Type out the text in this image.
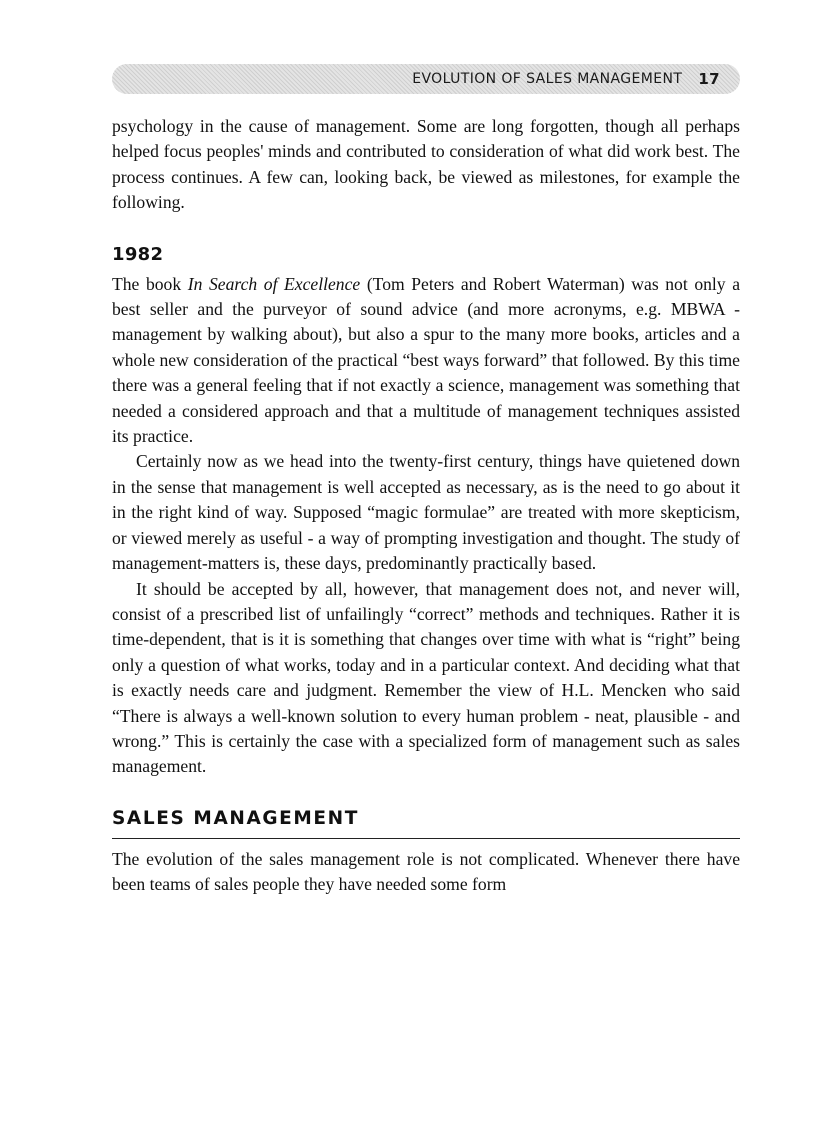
EVOLUTION OF SALES MANAGEMENT 17

psychology in the cause of management. Some are long forgotten, though all perhaps helped focus peoples' minds and contributed to consideration of what did work best. The process continues. A few can, looking back, be viewed as milestones, for example the following.

1982

The book In Search of Excellence (Tom Peters and Robert Waterman) was not only a best seller and the purveyor of sound advice (and more acronyms, e.g. MBWA - management by walking about), but also a spur to the many more books, articles and a whole new consideration of the practical “best ways forward” that followed. By this time there was a general feeling that if not exactly a science, management was something that needed a considered approach and that a multitude of management techniques assisted its practice.

Certainly now as we head into the twenty-first century, things have quietened down in the sense that management is well accepted as necessary, as is the need to go about it in the right kind of way. Supposed “magic formulae” are treated with more skepticism, or viewed merely as useful - a way of prompting investigation and thought. The study of management-matters is, these days, predominantly practically based.

It should be accepted by all, however, that management does not, and never will, consist of a prescribed list of unfailingly “correct” methods and techniques. Rather it is time-dependent, that is it is something that changes over time with what is “right” being only a question of what works, today and in a particular context. And deciding what that is exactly needs care and judgment. Remember the view of H.L. Mencken who said “There is always a well-known solution to every human problem - neat, plausible - and wrong.” This is certainly the case with a specialized form of management such as sales management.

SALES MANAGEMENT

The evolution of the sales management role is not complicated. Whenever there have been teams of sales people they have needed some form
